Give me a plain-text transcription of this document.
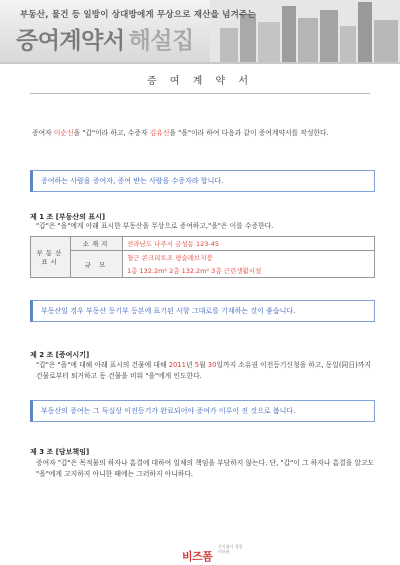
부동산, 물건 등 일방이 상대방에게 무상으로 재산을 넘겨주는
증여계약서 해설집
증 여 계 약 서
증여자 이순신을 "갑"이라 하고, 수증자 김유신을 "을"이라 하여 다음과 같이 증여계약서를 작성한다.
증여하는 사람을 증여자, 증여 받는 사람을 수증자라 합니다.
제 1 조 [부동산의 표시]
"갑"은 "을"에게 아래 표시한 부동산을 무상으로 증여하고,"을"은 이를 수증한다.
부동산 표시	소재지	전라남도 나주시 금성동 123-45
	규 모	철근 콘크리트조 평슬래브지붕
		1층 132.2m² 2층 132.2m² 3층 근린생활시설
부동산일 경우 부동산 등기부 등본에 표기된 사항 그대로를 기재하는 것이 좋습니다.
제 2 조 [증여시기]
"갑"은 "을"에 대해 아래 표시의 건물에 대해 2011년 5월 30일까지 소유권 이전등기신청을 하고, 동일(同日)까지 건물로부터 퇴거하고 동 건물을 비워 "을"에게 인도한다.
부동산의 증여는 그 득실상 이전등기가 완료되어야 증여가 이루어 진 것으로 봅니다.
제 3 조 [담보책임]
증여자 "갑"은 목적물의 하자나 흠결에 대하여 일체의 책임을 부담하지 않는다. 단, "갑"이 그 하자나 흠결을 알고도 "을"에게 고지하지 아니한 때에는 그러하지 아니하다.
비즈폼
주식회사 경림
비즈폼
